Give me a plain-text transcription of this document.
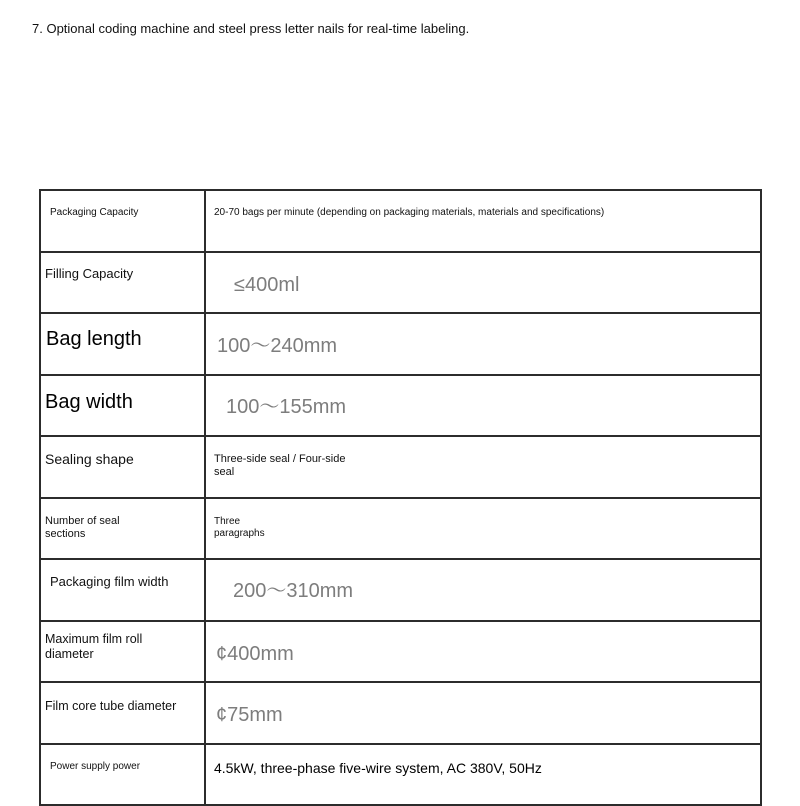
7. Optional coding machine and steel press letter nails for real-time labeling.
Packaging Capacity	20-70 bags per minute (depending on packaging materials, materials and specifications)

Filling Capacity	≤400ml

Bag length	100～240mm

Bag width	100～155mm

Sealing shape	Three-side seal / Four-side seal

Number of seal sections	Three paragraphs

Packaging film width	200～310mm

Maximum film roll diameter	¢400mm

Film core tube diameter	¢75mm

Power supply power	4.5kW, three-phase five-wire system, AC 380V, 50Hz
